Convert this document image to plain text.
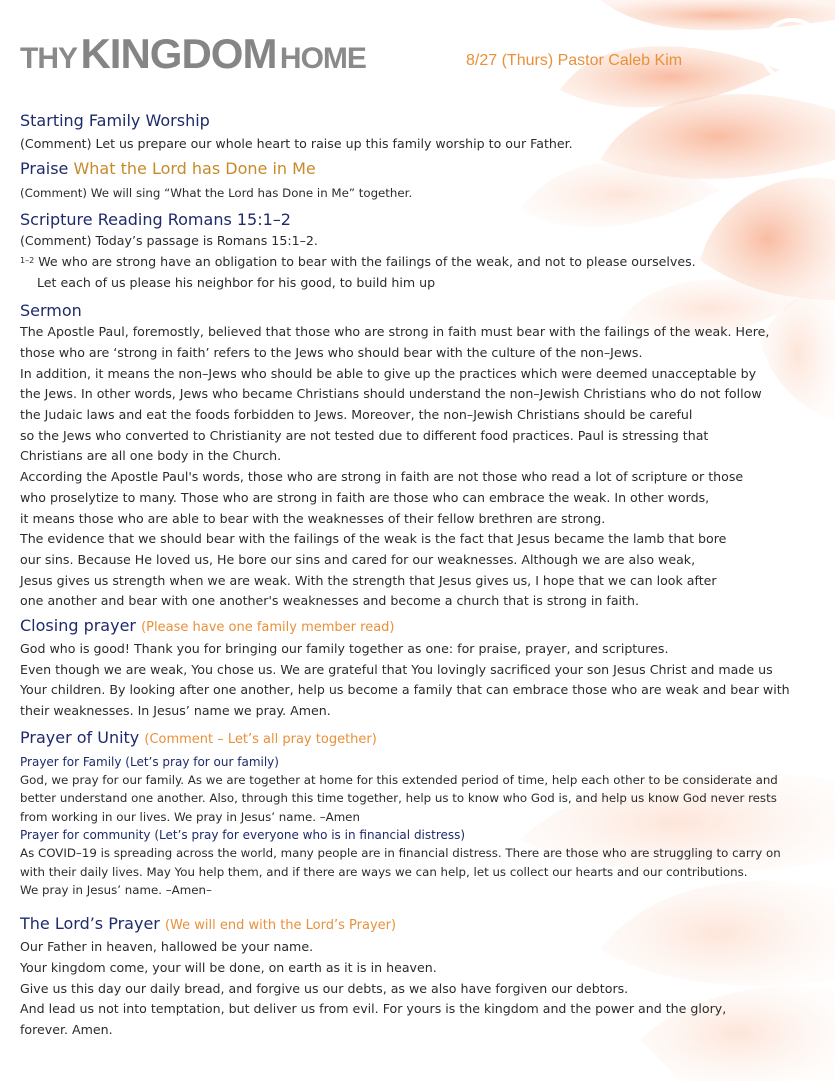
THY KINGDOM HOME	8/27 (Thurs) Pastor Caleb Kim
THY KINGDOM
Starting Family Worship

(Comment) Let us prepare our whole heart to raise up this family worship to our Father.

Praise What the Lord has Done in Me

(Comment) We will sing “What the Lord has Done in Me” together.

Scripture Reading Romans 15:1–2

(Comment) Today’s passage is Romans 15:1–2.

$^{1-2}$ We who are strong have an obligation to bear with the failings of the weak, and not to please ourselves.

Let each of us please his neighbor for his good, to build him up

Sermon

The Apostle Paul, foremostly, believed that those who are strong in faith must bear with the failings of the weak. Here,

those who are ‘strong in faith’ refers to the Jews who should bear with the culture of the non–Jews.

In addition, it means the non–Jews who should be able to give up the practices which were deemed unacceptable by

the Jews. In other words, Jews who became Christians should understand the non–Jewish Christians who do not follow

the Judaic laws and eat the foods forbidden to Jews. Moreover, the non–Jewish Christians should be careful

so the Jews who converted to Christianity are not tested due to different food practices. Paul is stressing that

Christians are all one body in the Church.

According the Apostle Paul's words, those who are strong in faith are not those who read a lot of scripture or those

who proselytize to many. Those who are strong in faith are those who can embrace the weak. In other words,

it means those who are able to bear with the weaknesses of their fellow brethren are strong.

The evidence that we should bear with the failings of the weak is the fact that Jesus became the lamb that bore

our sins. Because He loved us, He bore our sins and cared for our weaknesses. Although we are also weak,

Jesus gives us strength when we are weak. With the strength that Jesus gives us, I hope that we can look after

one another and bear with one another's weaknesses and become a church that is strong in faith.

Closing prayer (Please have one family member read)

God who is good! Thank you for bringing our family together as one: for praise, prayer, and scriptures.

Even though we are weak, You chose us. We are grateful that You lovingly sacrificed your son Jesus Christ and made us

Your children. By looking after one another, help us become a family that can embrace those who are weak and bear with

their weaknesses. In Jesus’ name we pray. Amen.

Prayer of Unity (Comment – Let’s all pray together)
Prayer for Family (Let’s pray for our family)

God, we pray for our family. As we are together at home for this extended period of time, help each other to be considerate and

better understand one another. Also, through this time together, help us to know who God is, and help us know God never rests

from working in our lives. We pray in Jesus’ name. –Amen

Prayer for community (Let’s pray for everyone who is in financial distress)

As COVID–19 is spreading across the world, many people are in financial distress. There are those who are struggling to carry on

with their daily lives. May You help them, and if there are ways we can help, let us collect our hearts and our contributions.

We pray in Jesus’ name. –Amen–

The Lord’s Prayer (We will end with the Lord’s Prayer)

Our Father in heaven, hallowed be your name.

Your kingdom come, your will be done, on earth as it is in heaven.

Give us this day our daily bread, and forgive us our debts, as we also have forgiven our debtors.

And lead us not into temptation, but deliver us from evil. For yours is the kingdom and the power and the glory,

forever. Amen.
